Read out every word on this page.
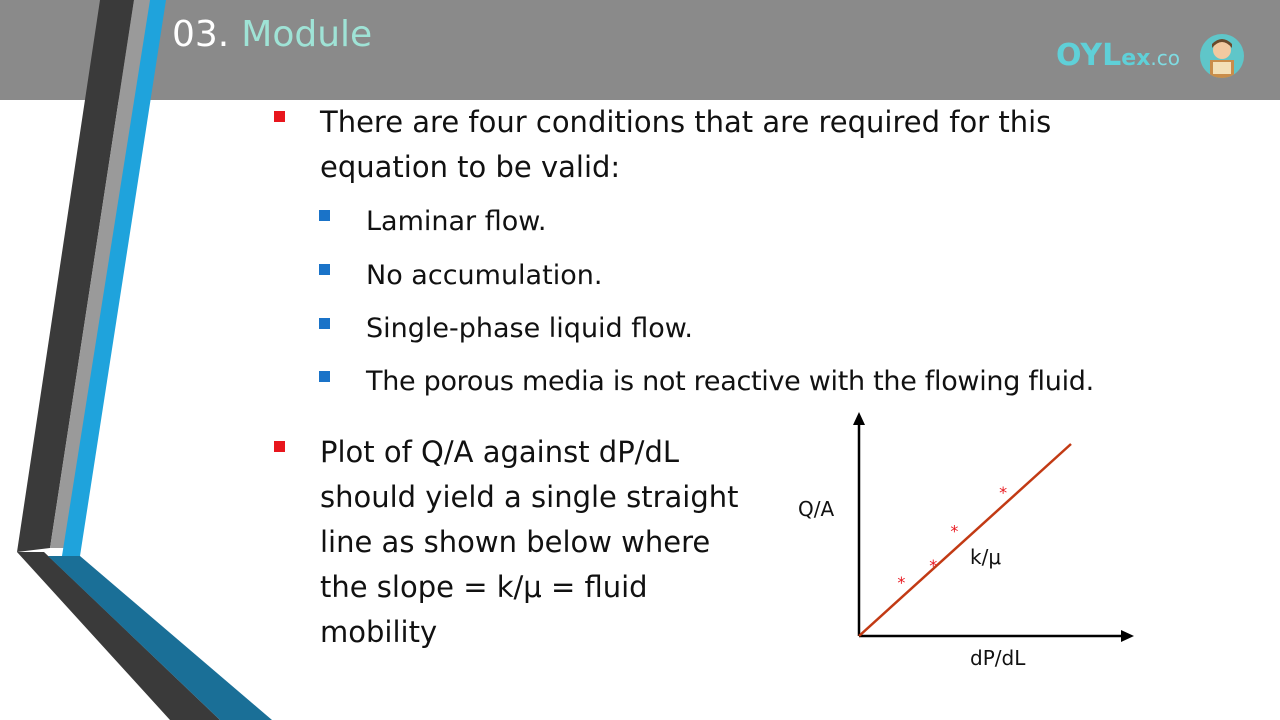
03. Module
OYLex.co
There are four conditions that are required for this
equation to be valid:
Laminar flow.
No accumulation.
Single-phase liquid flow.
The porous media is not reactive with the flowing fluid.
Plot of Q/A against dP/dL
should yield a single straight
line as shown below where
the slope = k/μ = fluid
mobility
Q/A
dP/dL
k/μ
*
*
*
*
